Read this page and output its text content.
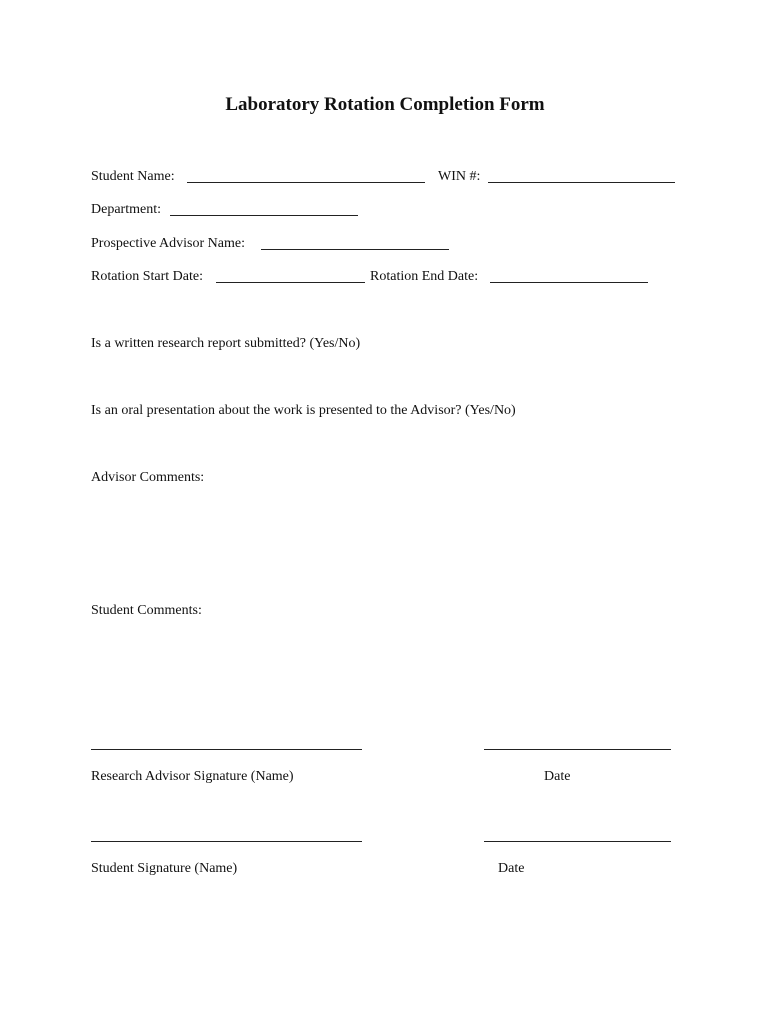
Laboratory Rotation Completion Form
Student Name:	WIN #:
Department:
Prospective Advisor Name:
Rotation Start Date:	Rotation End Date:
Is a written research report submitted? (Yes/No)
Is an oral presentation about the work is presented to the Advisor? (Yes/No)
Advisor Comments:
Student Comments:
Research Advisor Signature (Name)	Date
Student Signature (Name)	Date
